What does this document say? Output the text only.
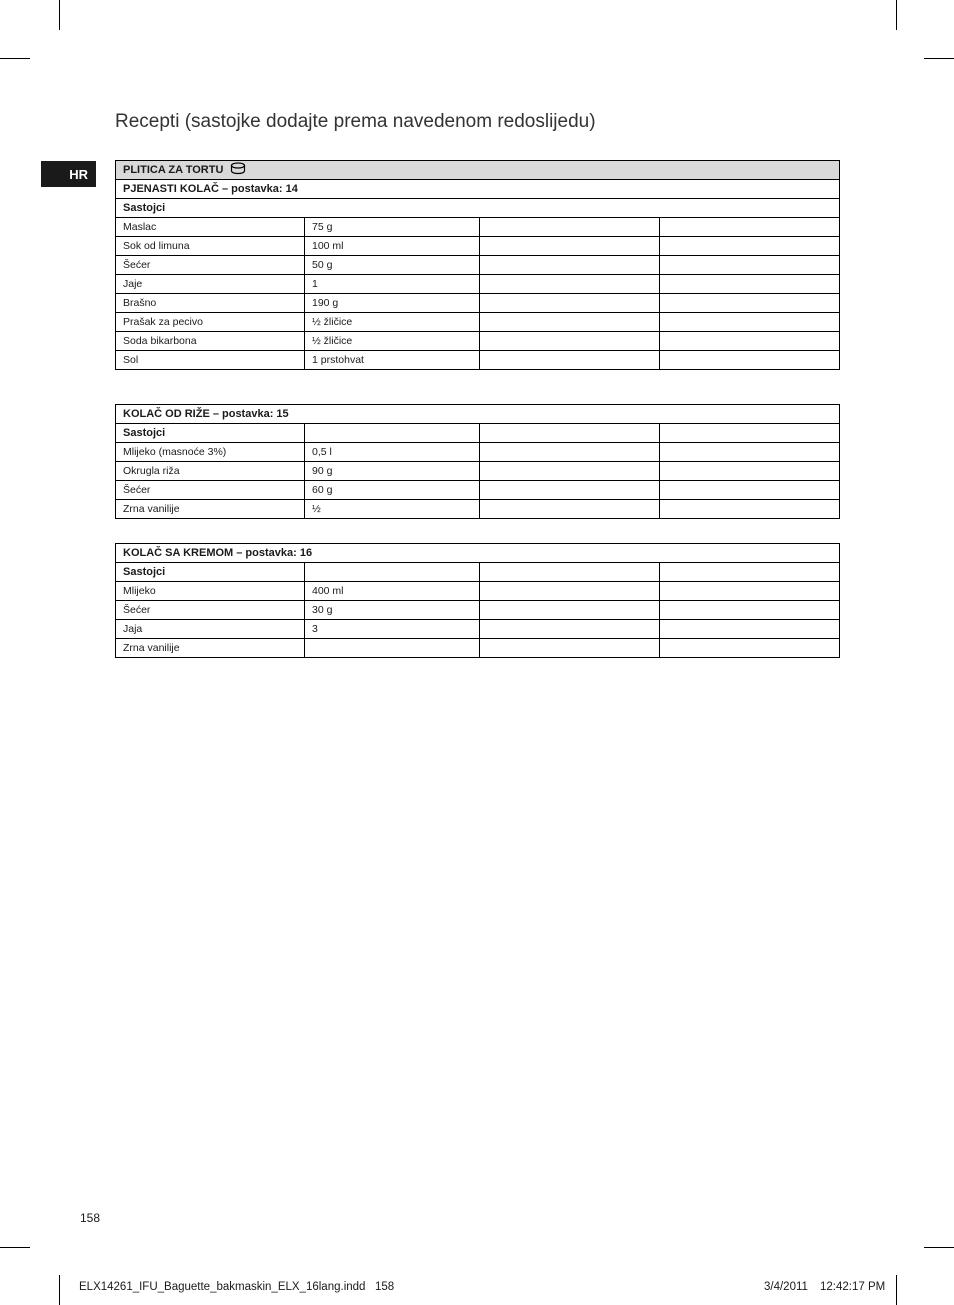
Recepti (sastojke dodajte prema navedenom redoslijedu)
HR	PLITICA ZA TORTU			
PJENASTI KOLAČ – postavka: 14			
Sastojci			
Maslac	75 g		
Sok od limuna	100 ml		
Šećer	50 g		
Jaje	1		
Brašno	190 g		
Prašak za pecivo	½ žličice		
Soda bikarbona	½ žličice		
Sol	1 prstohvat		
KOLAČ OD RIŽE – postavka: 15			
Sastojci			
Mlijeko (masnoće 3%)	0,5 l		
Okrugla riža	90 g		
Šećer	60 g		
Zrna vanilije	½		
KOLAČ SA KREMOM – postavka: 16			
Sastojci			
Mlijeko	400 ml		
Šećer	30 g		
Jaja	3		
Zrna vanilije			
158
ELX14261_IFU_Baguette_bakmaskin_ELX_16lang.indd   158	3/4/2011 12:42:17 PM
